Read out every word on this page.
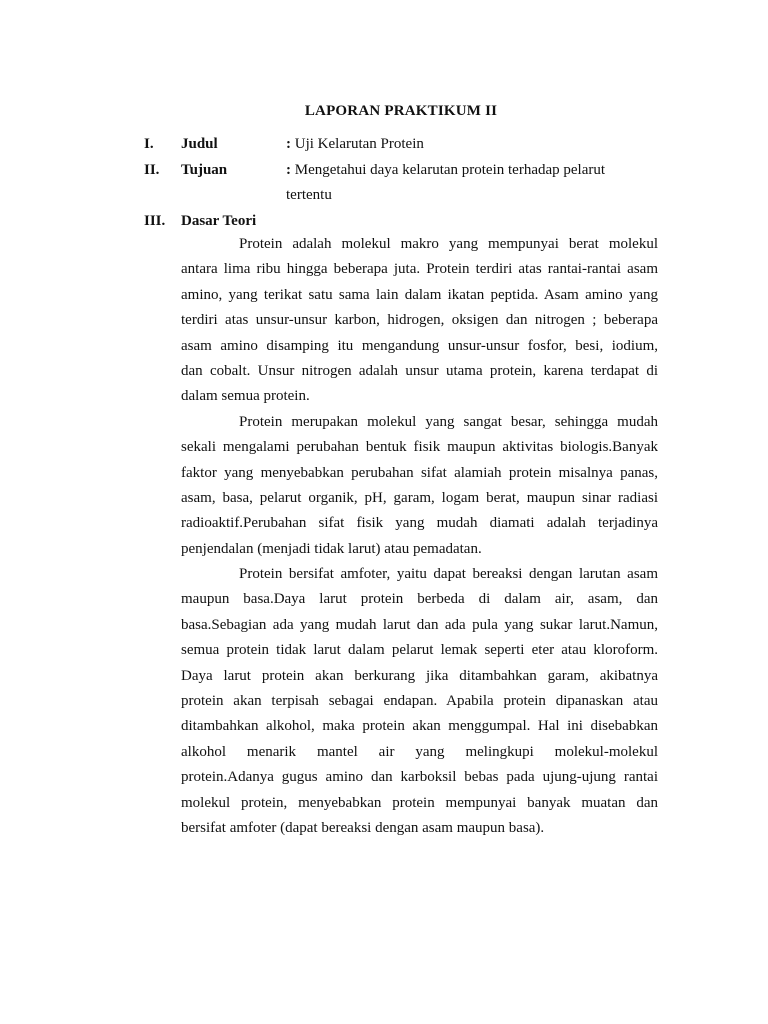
LAPORAN PRAKTIKUM II
I. Judul	: Uji Kelarutan Protein
II. Tujuan	: Mengetahui daya kelarutan protein terhadap pelarut
tertentu
III. Dasar Teori
Protein adalah molekul makro yang mempunyai berat molekul
antara lima ribu hingga beberapa juta. Protein terdiri atas rantai-rantai asam
amino, yang terikat satu sama lain dalam ikatan peptida. Asam amino yang
terdiri atas unsur-unsur karbon, hidrogen, oksigen dan nitrogen ; beberapa
asam amino disamping itu mengandung unsur-unsur fosfor, besi, iodium,
dan cobalt. Unsur nitrogen adalah unsur utama protein, karena terdapat di
dalam semua protein.
Protein merupakan molekul yang sangat besar, sehingga mudah
sekali mengalami perubahan bentuk fisik maupun aktivitas biologis.Banyak
faktor yang menyebabkan perubahan sifat alamiah protein misalnya panas,
asam, basa, pelarut organik, pH, garam, logam berat, maupun sinar radiasi
radioaktif.Perubahan sifat fisik yang mudah diamati adalah terjadinya
penjendalan (menjadi tidak larut) atau pemadatan.
Protein bersifat amfoter, yaitu dapat bereaksi dengan larutan asam
maupun basa.Daya larut protein berbeda di dalam air, asam, dan
basa.Sebagian ada yang mudah larut dan ada pula yang sukar larut.Namun,
semua protein tidak larut dalam pelarut lemak seperti eter atau kloroform.
Daya larut protein akan berkurang jika ditambahkan garam, akibatnya
protein akan terpisah sebagai endapan. Apabila protein dipanaskan atau
ditambahkan alkohol, maka protein akan menggumpal. Hal ini disebabkan
alkohol menarik mantel air yang melingkupi molekul-molekul
protein.Adanya gugus amino dan karboksil bebas pada ujung-ujung rantai
molekul protein, menyebabkan protein mempunyai banyak muatan dan
bersifat amfoter (dapat bereaksi dengan asam maupun basa).
